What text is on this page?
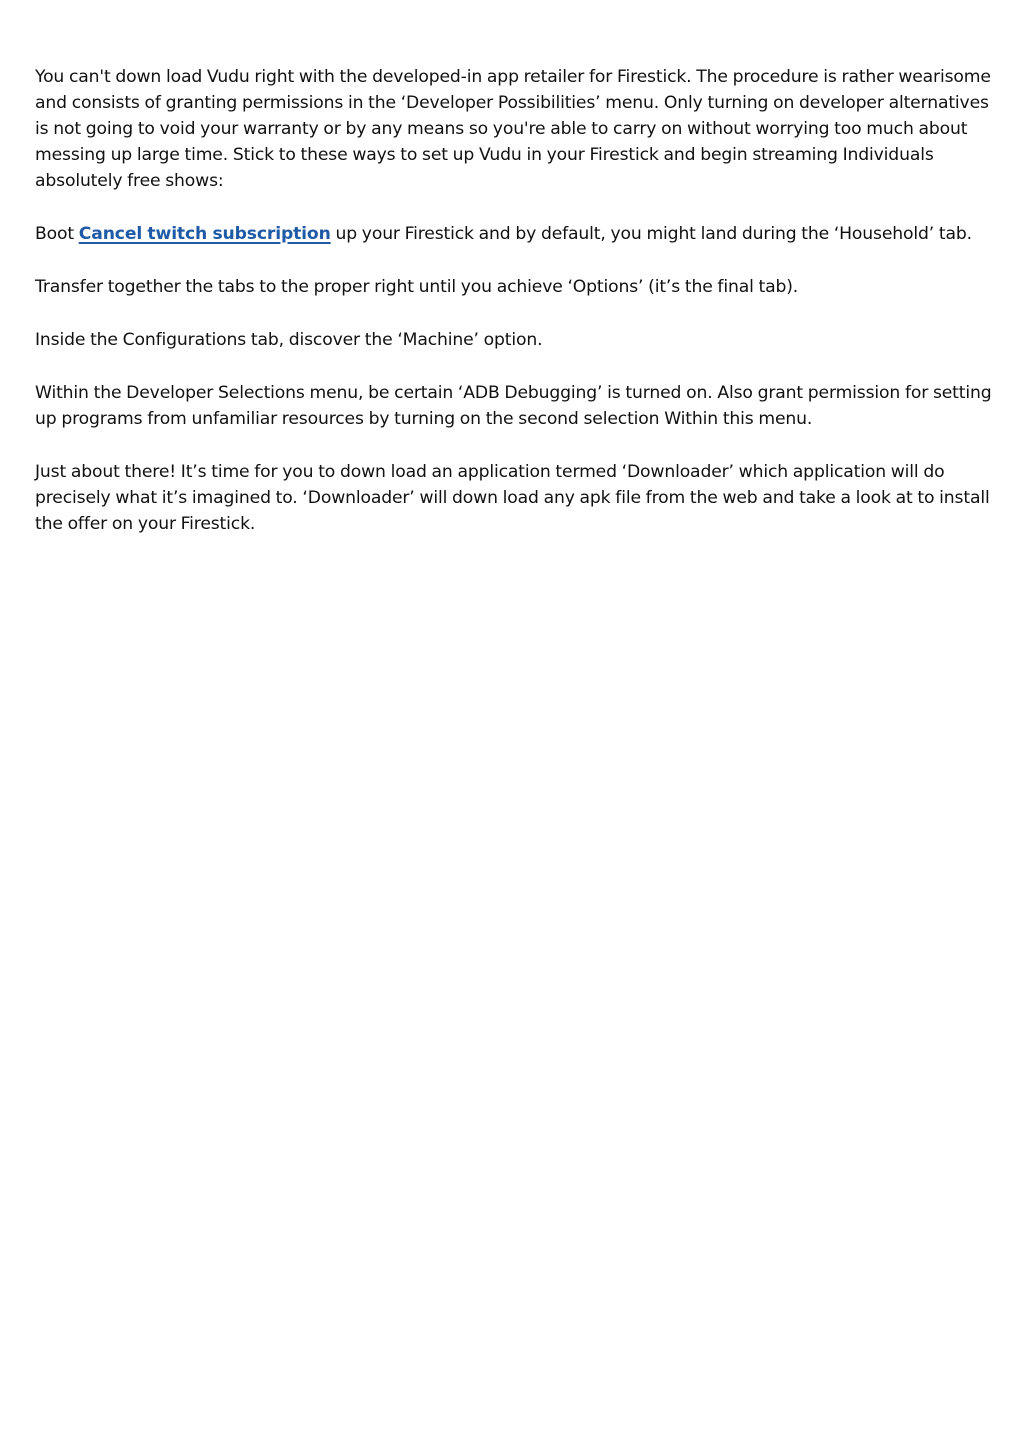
You can't down load Vudu right with the developed-in app retailer for Firestick. The procedure is rather wearisome and consists of granting permissions in the ‘Developer Possibilities’ menu. Only turning on developer alternatives is not going to void your warranty or by any means so you're able to carry on without worrying too much about messing up large time. Stick to these ways to set up Vudu in your Firestick and begin streaming Individuals absolutely free shows:

Boot Cancel twitch subscription up your Firestick and by default, you might land during the ‘Household’ tab.

Transfer together the tabs to the proper right until you achieve ‘Options’ (it’s the final tab).

Inside the Configurations tab, discover the ‘Machine’ option.

Within the Developer Selections menu, be certain ‘ADB Debugging’ is turned on. Also grant permission for setting up programs from unfamiliar resources by turning on the second selection Within this menu.

Just about there! It’s time for you to down load an application termed ‘Downloader’ which application will do precisely what it’s imagined to. ‘Downloader’ will down load any apk file from the web and take a look at to install the offer on your Firestick.
